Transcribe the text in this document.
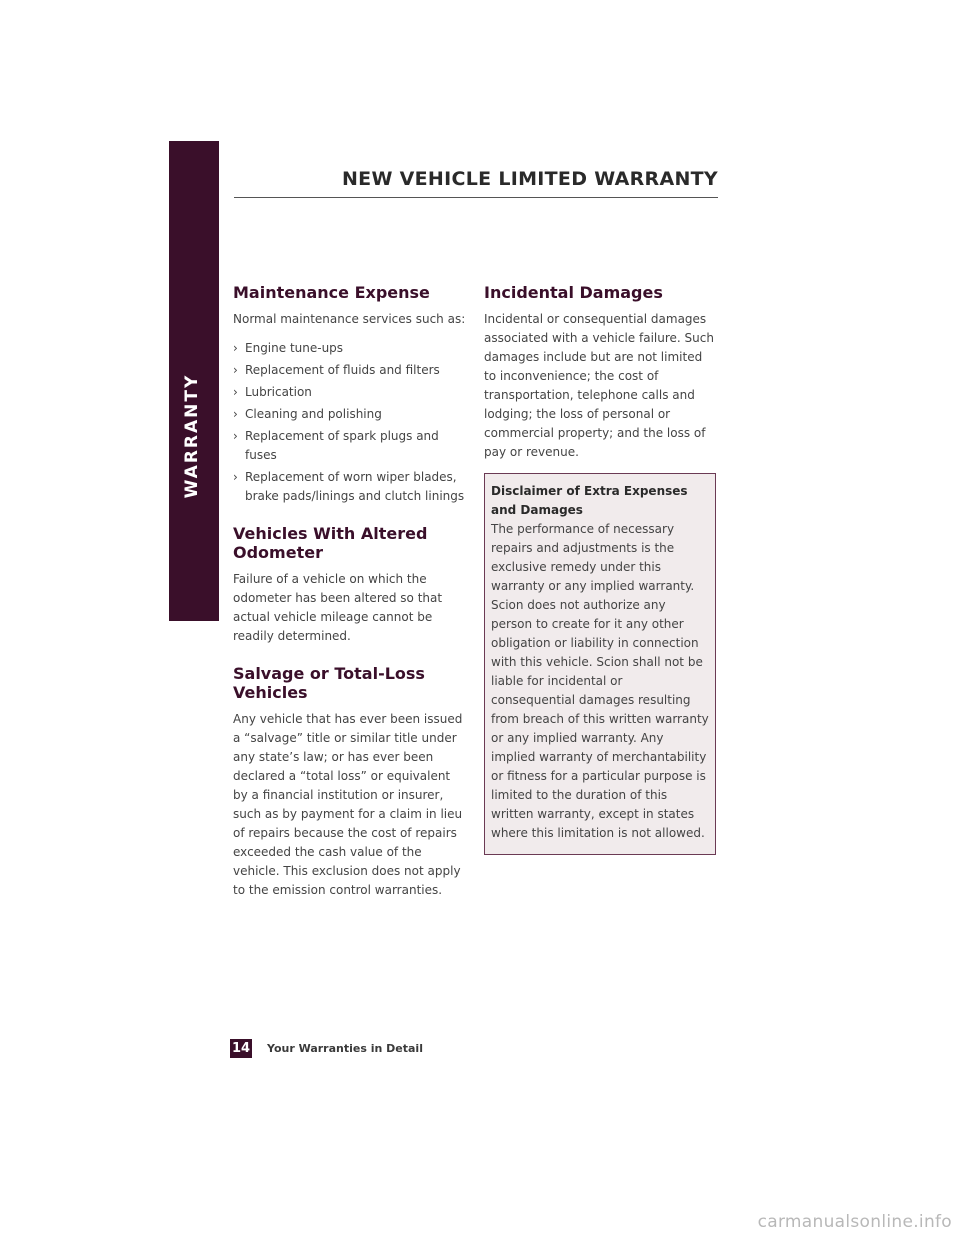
WARRANTY
NEW VEHICLE LIMITED WARRANTY
Maintenance Expense

Normal maintenance services such as:

› Engine tune-ups
› Replacement of fluids and filters
› Lubrication
› Cleaning and polishing
› Replacement of spark plugs and fuses
› Replacement of worn wiper blades, brake pads/linings and clutch linings
Vehicles With Altered Odometer

Failure of a vehicle on which the odometer has been altered so that actual vehicle mileage cannot be readily determined.

Salvage or Total-Loss Vehicles

Any vehicle that has ever been issued a “salvage” title or similar title under any state’s law; or has ever been declared a “total loss” or equivalent by a financial institution or insurer, such as by payment for a claim in lieu of repairs because the cost of repairs exceeded the cash value of the vehicle. This exclusion does not apply to the emission control warranties.

Incidental Damages

Incidental or consequential damages associated with a vehicle failure. Such damages include but are not limited to inconvenience; the cost of transportation, telephone calls and lodging; the loss of personal or commercial property; and the loss of pay or revenue.

Disclaimer of Extra Expenses and Damages

The performance of necessary repairs and adjustments is the exclusive remedy under this warranty or any implied warranty. Scion does not authorize any person to create for it any other obligation or liability in connection with this vehicle. Scion shall not be liable for incidental or consequential damages resulting from breach of this written warranty or any implied warranty. Any implied warranty of merchantability or fitness for a particular purpose is limited to the duration of this written warranty, except in states where this limitation is not allowed.

14 Your Warranties in Detail
carmanualsonline.info
